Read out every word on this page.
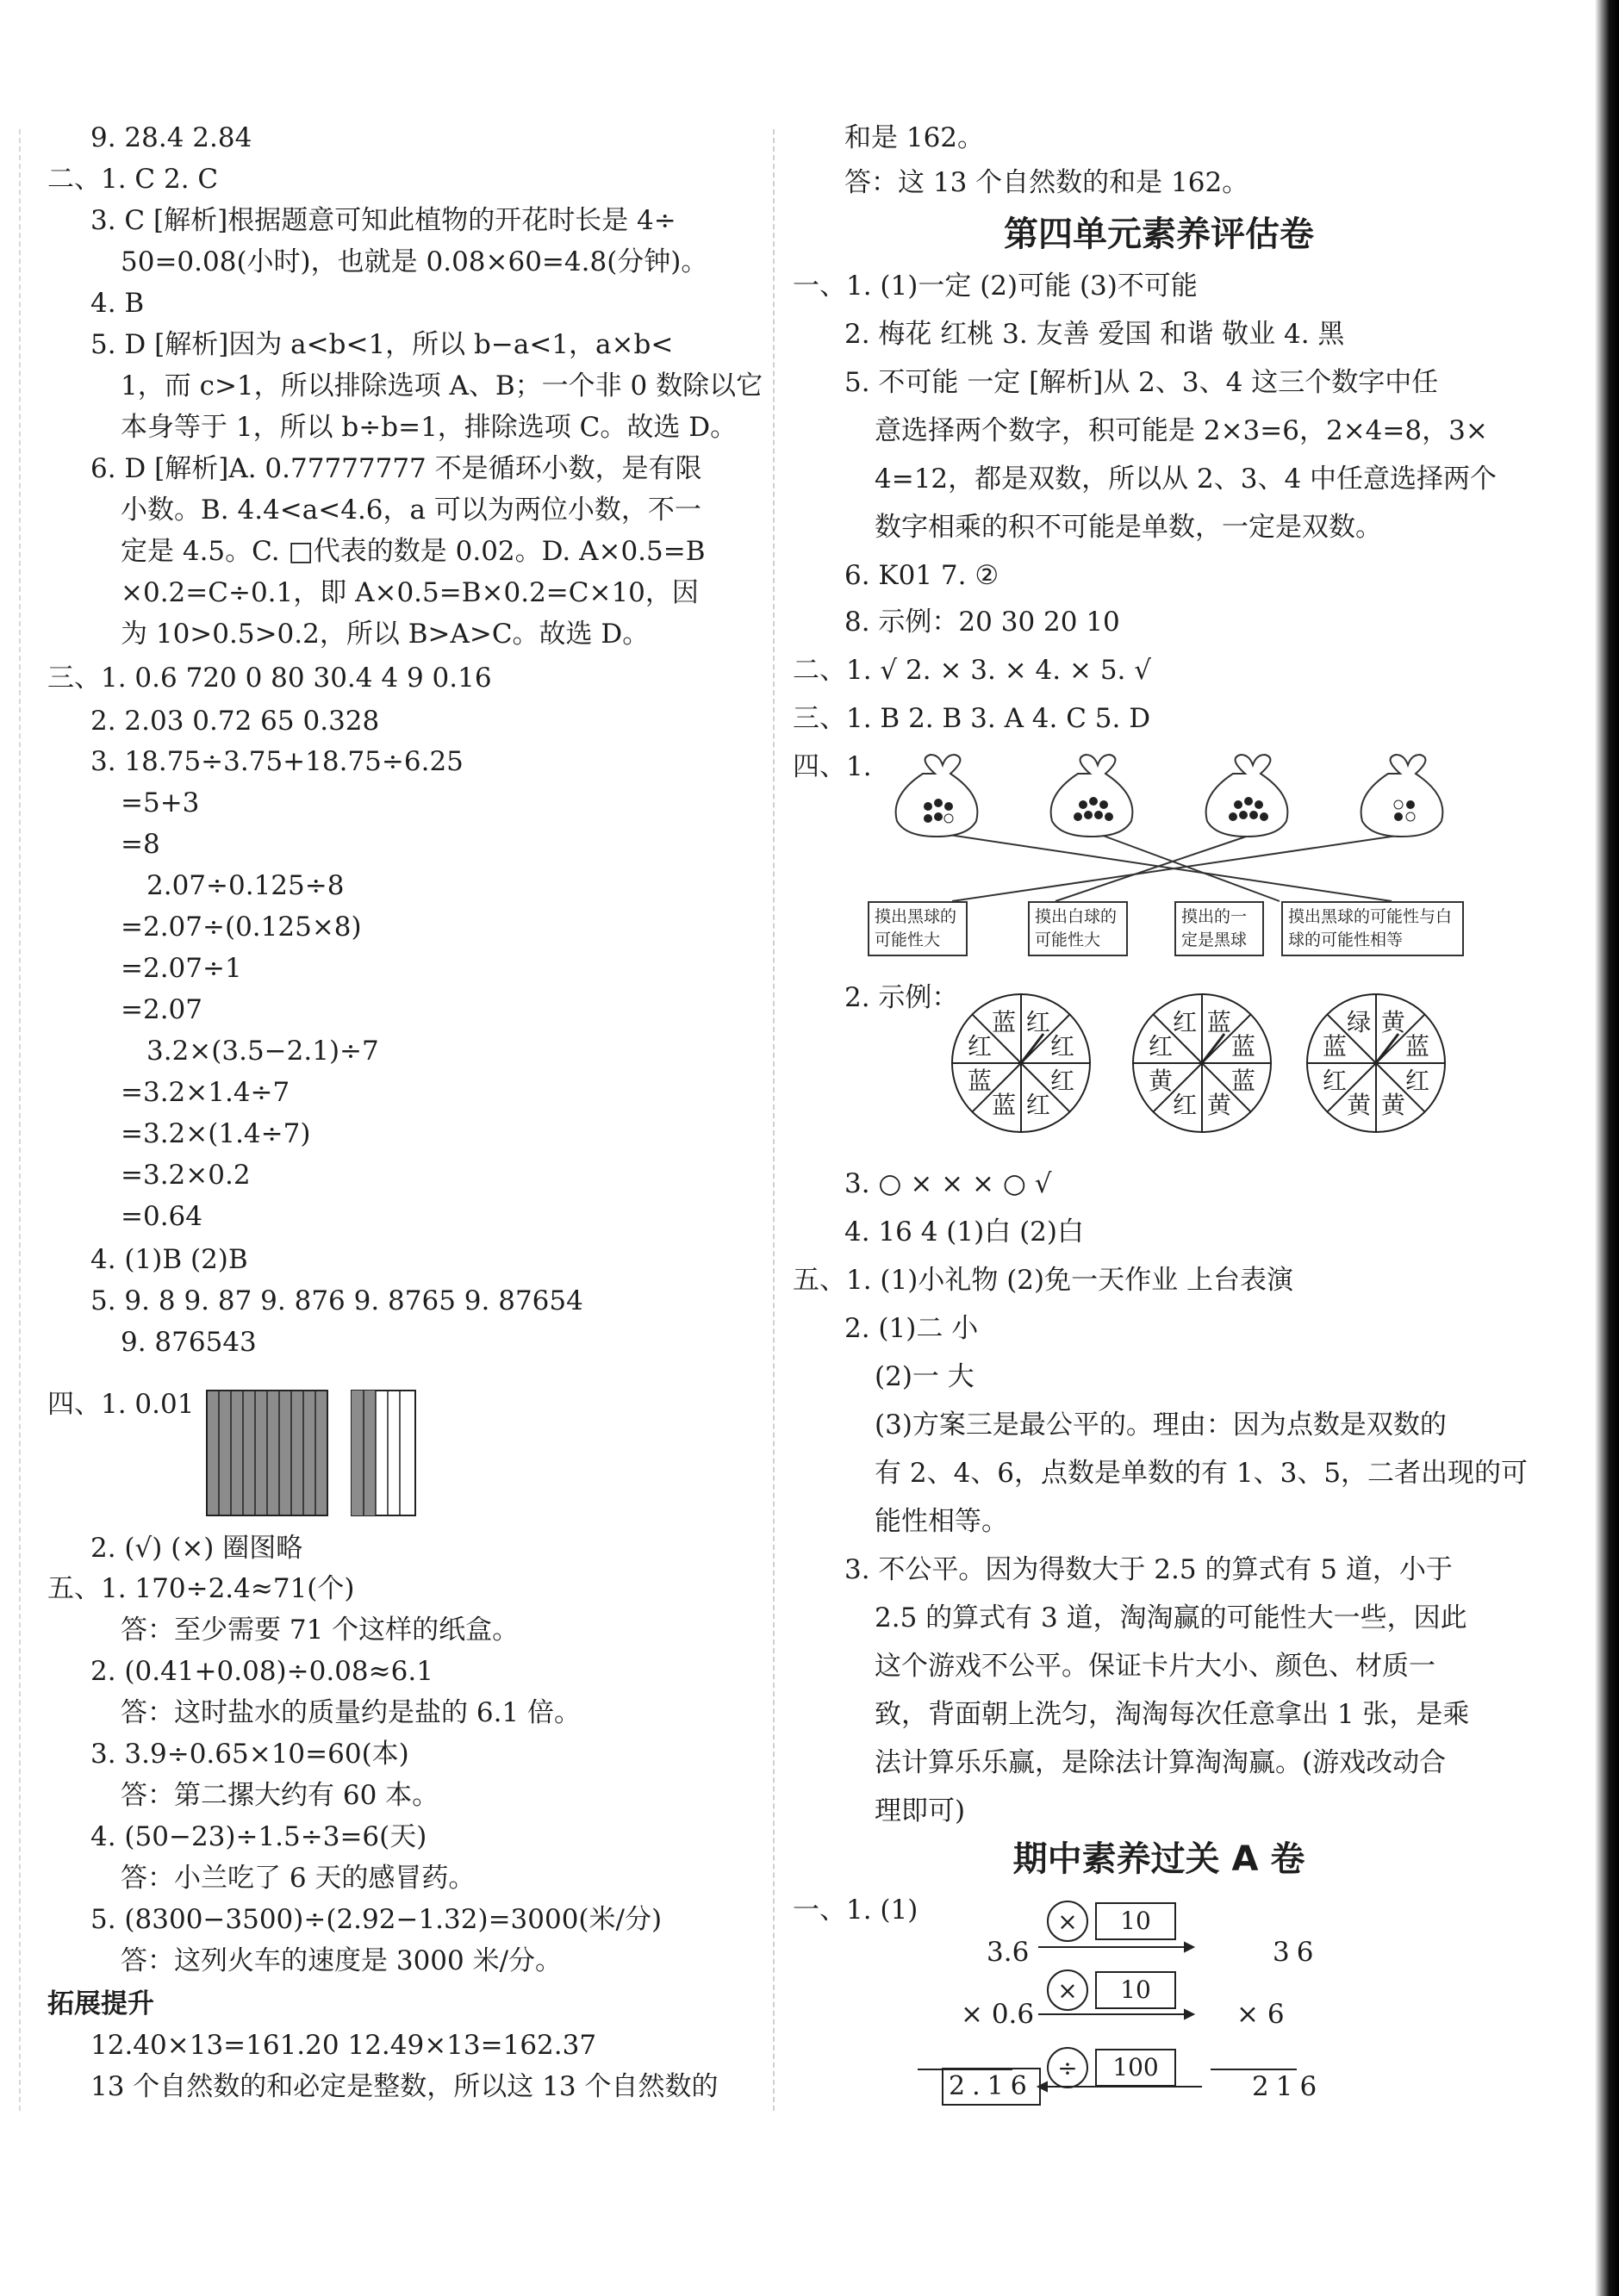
9. 28.4 2.84
二、1. C 2. C
3. C [解析]根据题意可知此植物的开花时长是 4÷
50=0.08(小时)，也就是 0.08×60=4.8(分钟)。
4. B
5. D [解析]因为 a<b<1，所以 b−a<1，a×b<
1，而 c>1，所以排除选项 A、B；一个非 0 数除以它
本身等于 1，所以 b÷b=1，排除选项 C。故选 D。
6. D [解析]A. 0.77777777 不是循环小数，是有限
小数。B. 4.4<a<4.6，a 可以为两位小数，不一
定是 4.5。C. □代表的数是 0.02。D. A×0.5=B
×0.2=C÷0.1，即 A×0.5=B×0.2=C×10，因
为 10>0.5>0.2，所以 B>A>C。故选 D。
三、1. 0.6 720 0 80 30.4 4 9 0.16
2. 2.03 0.72 65 0.328
3. 18.75÷3.75+18.75÷6.25
=5+3
=8
2.07÷0.125÷8
=2.07÷(0.125×8)
=2.07÷1
=2.07
3.2×(3.5−2.1)÷7
=3.2×1.4÷7
=3.2×(1.4÷7)
=3.2×0.2
=0.64
4. (1)B (2)B
5. 9. 8 9. 87 9. 876 9. 8765 9. 87654
9. 876543
四、1. 0.01
2. (√) (×) 圈图略
五、1. 170÷2.4≈71(个)
答：至少需要 71 个这样的纸盒。
2. (0.41+0.08)÷0.08≈6.1
答：这时盐水的质量约是盐的 6.1 倍。
3. 3.9÷0.65×10=60(本)
答：第二摞大约有 60 本。
4. (50−23)÷1.5÷3=6(天)
答：小兰吃了 6 天的感冒药。
5. (8300−3500)÷(2.92−1.32)=3000(米/分)
答：这列火车的速度是 3000 米/分。
拓展提升
12.40×13=161.20 12.49×13=162.37
13 个自然数的和必定是整数，所以这 13 个自然数的
和是 162。
答：这 13 个自然数的和是 162。
第四单元素养评估卷
一、1. (1)一定 (2)可能 (3)不可能
2. 梅花 红桃 3. 友善 爱国 和谐 敬业 4. 黑
5. 不可能 一定 [解析]从 2、3、4 这三个数字中任
意选择两个数字，积可能是 2×3=6，2×4=8，3×
4=12，都是双数，所以从 2、3、4 中任意选择两个
数字相乘的积不可能是单数，一定是双数。
6. K01 7. ②
8. 示例：20 30 20 10
二、1. √ 2. × 3. × 4. × 5. √
三、1. B 2. B 3. A 4. C 5. D
四、1.
摸出黑球的可能性大
摸出白球的可能性大
摸出的一定是黑球
摸出黑球的可能性与白球的可能性相等
2. 示例：
红
红
红
红
蓝
蓝
红
蓝	蓝
蓝
蓝
黄
红
黄
红
红	黄
蓝
红
黄
黄
红
蓝
绿
3. ○ × × × ○ √
4. 16 4 (1)白 (2)白
五、1. (1)小礼物 (2)免一天作业 上台表演
2. (1)二 小
(2)一 大
(3)方案三是最公平的。理由：因为点数是双数的
有 2、4、6，点数是单数的有 1、3、5，二者出现的可
能性相等。
3. 不公平。因为得数大于 2.5 的算式有 5 道，小于
2.5 的算式有 3 道，淘淘赢的可能性大一些，因此
这个游戏不公平。保证卡片大小、颜色、材质一
致，背面朝上洗匀，淘淘每次任意拿出 1 张，是乘
法计算乐乐赢，是除法计算淘淘赢。(游戏改动合
理即可)
期中素养过关 A 卷
一、1. (1)
3.6
× 0.6
2.16
36
× 6
216
×	10
×	10
÷	100
